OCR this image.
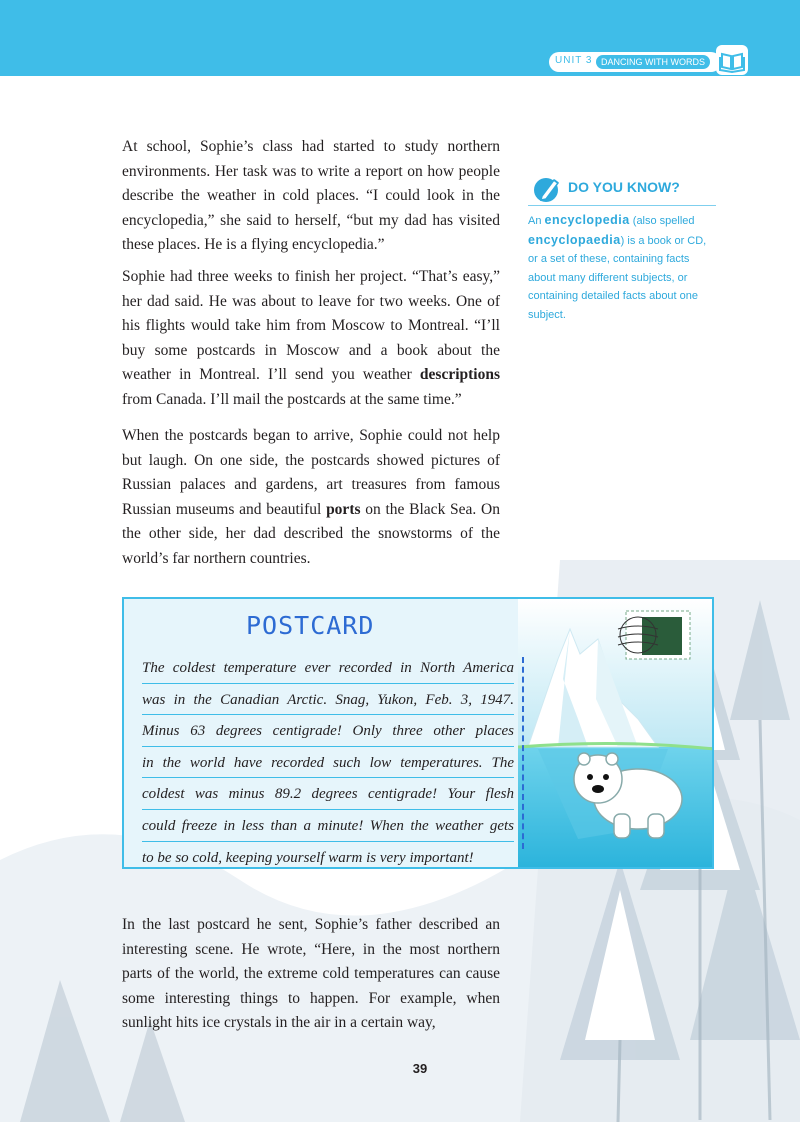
UNIT 3 DANCING WITH WORDS

At school, Sophie’s class had started to study northern environments. Her task was to write a report on how people describe the weather in cold places. “I could look in the encyclopedia,” she said to herself, “but my dad has visited these places. He is a flying encyclopedia.”

Sophie had three weeks to finish her project. “That’s easy,” her dad said. He was about to leave for two weeks. One of his flights would take him from Moscow to Montreal. “I’ll buy some postcards in Moscow and a book about the weather in Montreal. I’ll send you weather descriptions from Canada. I’ll mail the postcards at the same time.”

When the postcards began to arrive, Sophie could not help but laugh. On one side, the postcards showed pictures of Russian palaces and gardens, art treasures from famous Russian museums and beautiful ports on the Black Sea. On the other side, her dad described the snowstorms of the world’s far northern countries.

DO YOU KNOW?
An encyclopedia (also spelled encyclopaedia) is a book or CD, or a set of these, containing facts about many different subjects, or containing detailed facts about one subject.
POSTCARD
The coldest temperature ever recorded in North America
was in the Canadian Arctic. Snag, Yukon, Feb. 3, 1947.
Minus 63 degrees centigrade! Only three other places
in the world have recorded such low temperatures. The
coldest was minus 89.2 degrees centigrade! Your flesh
could freeze in less than a minute! When the weather gets
to be so cold, keeping yourself warm is very important!

In the last postcard he sent, Sophie’s father described an interesting scene. He wrote, “Here, in the most northern parts of the world, the extreme cold temperatures can cause some interesting things to happen. For example, when sunlight hits ice crystals in the air in a certain way,

39
